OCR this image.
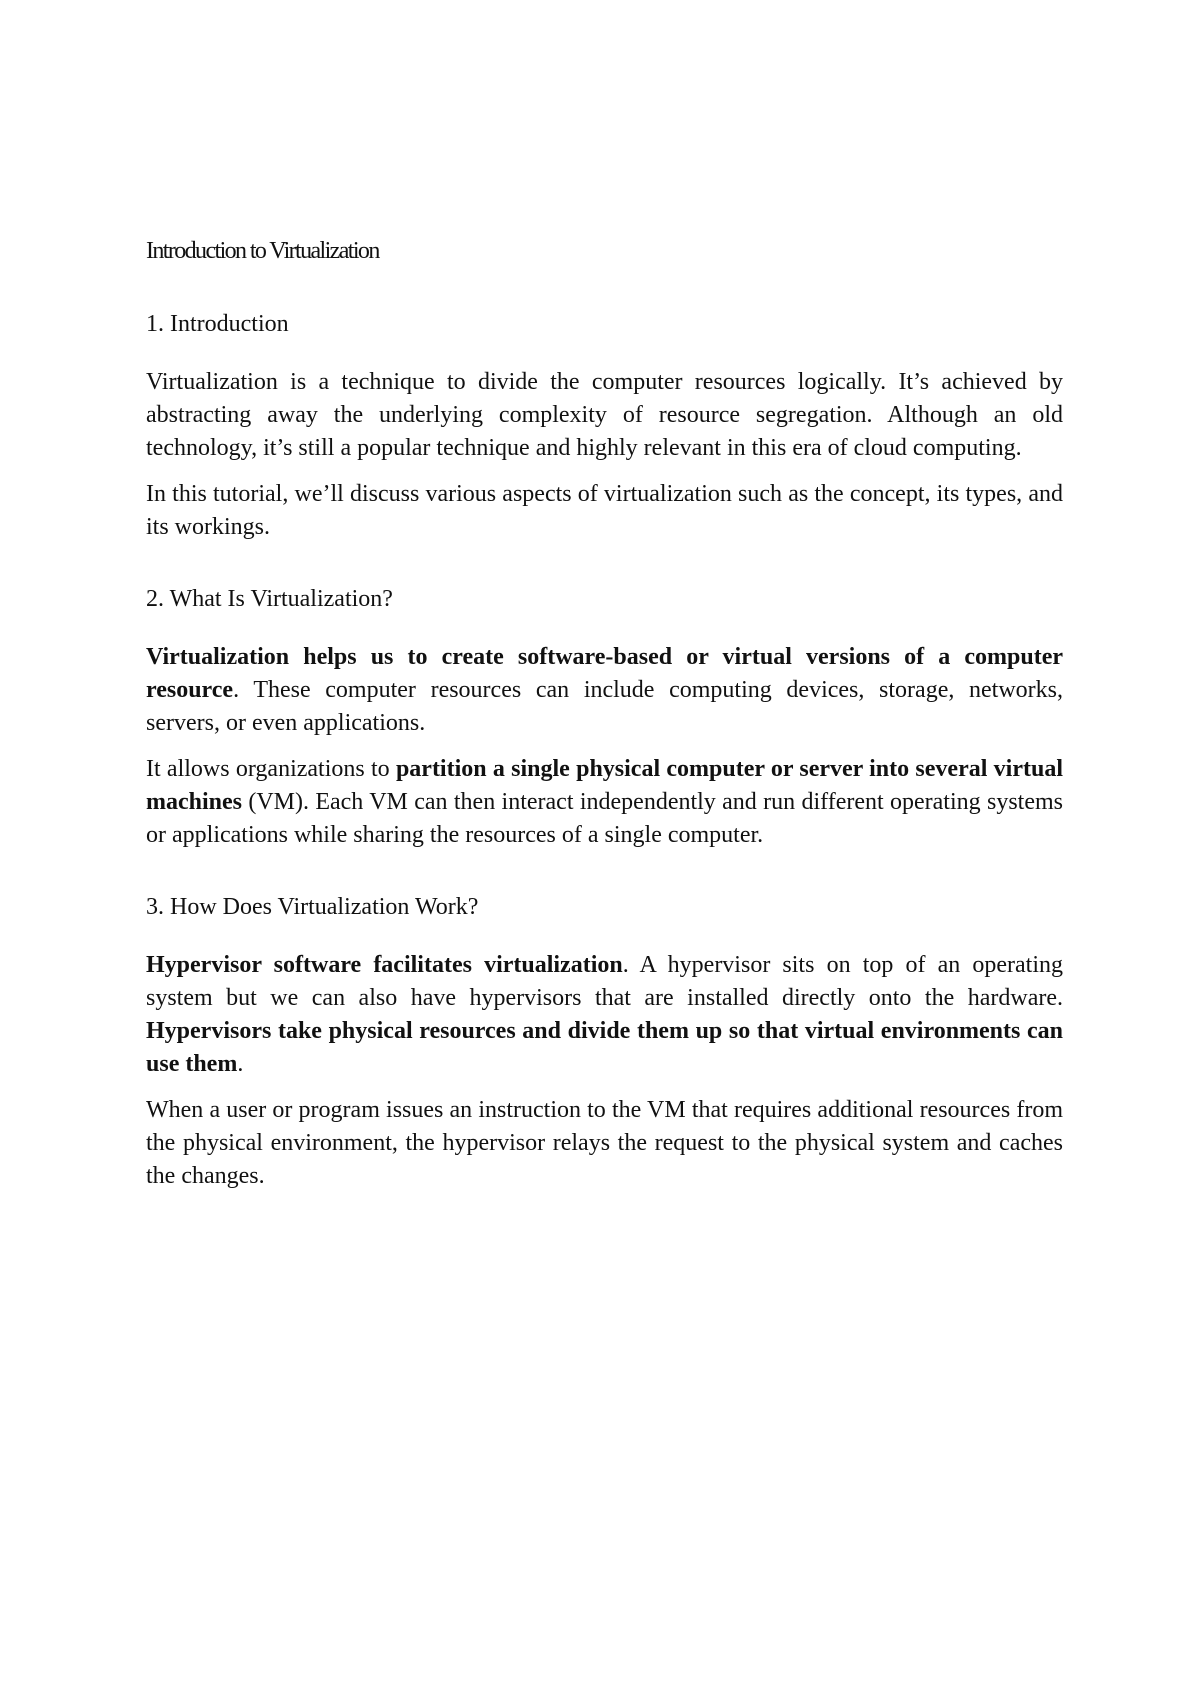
Introduction to Virtualization
1. Introduction

Virtualization is a technique to divide the computer resources logically. It’s achieved by abstracting away the underlying complexity of resource segregation. Although an old technology, it’s still a popular technique and highly relevant in this era of cloud computing.

In this tutorial, we’ll discuss various aspects of virtualization such as the concept, its types, and its workings.

2. What Is Virtualization?

Virtualization helps us to create software-based or virtual versions of a computer resource. These computer resources can include computing devices, storage, networks, servers, or even applications.

It allows organizations to partition a single physical computer or server into several virtual machines (VM). Each VM can then interact independently and run different operating systems or applications while sharing the resources of a single computer.

3. How Does Virtualization Work?

Hypervisor software facilitates virtualization. A hypervisor sits on top of an operating system but we can also have hypervisors that are installed directly onto the hardware. Hypervisors take physical resources and divide them up so that virtual environments can use them.

When a user or program issues an instruction to the VM that requires additional resources from the physical environment, the hypervisor relays the request to the physical system and caches the changes.
